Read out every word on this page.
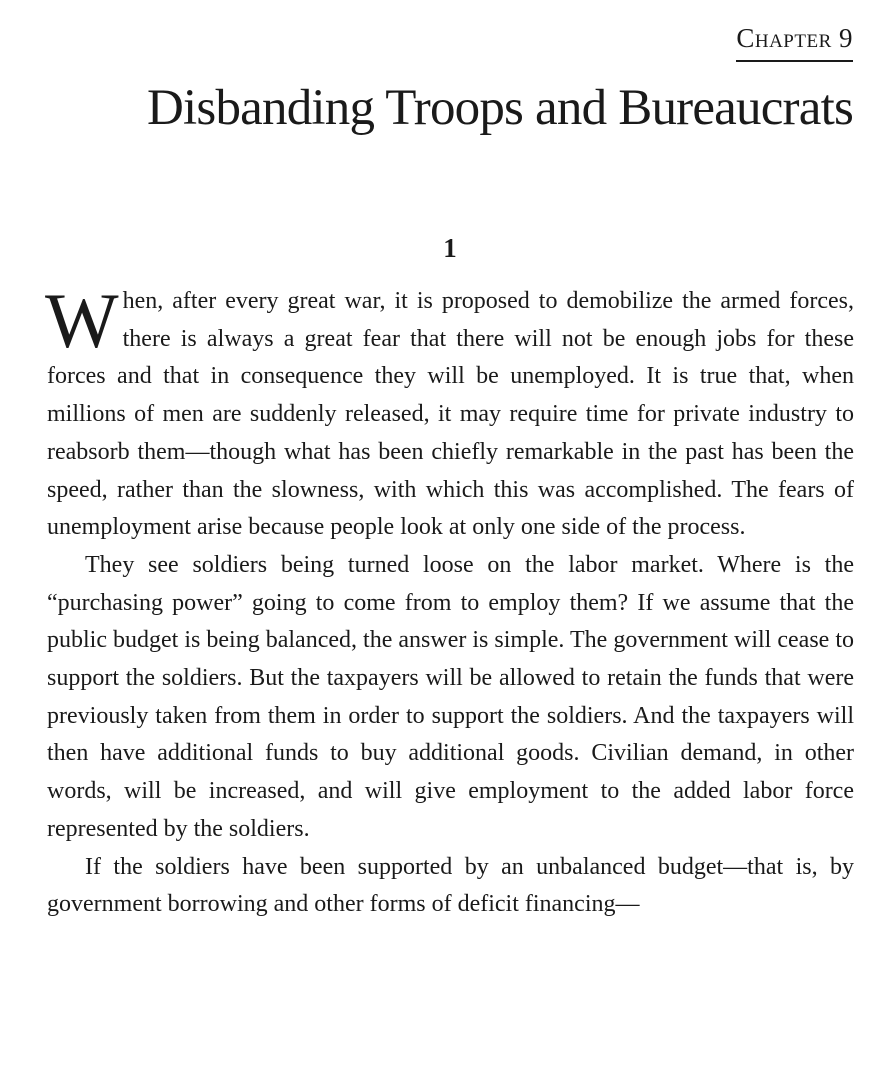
Chapter 9
Disbanding Troops and Bureaucrats
1

When, after every great war, it is proposed to demobilize the armed forces, there is always a great fear that there will not be enough jobs for these forces and that in consequence they will be unemployed. It is true that, when millions of men are suddenly released, it may require time for private industry to reabsorb them—though what has been chiefly remarkable in the past has been the speed, rather than the slowness, with which this was accomplished. The fears of unemployment arise because people look at only one side of the process.

They see soldiers being turned loose on the labor market. Where is the “purchasing power” going to come from to employ them? If we assume that the public budget is being balanced, the answer is simple. The government will cease to support the soldiers. But the taxpayers will be allowed to retain the funds that were previously taken from them in order to support the soldiers. And the taxpayers will then have additional funds to buy additional goods. Civilian demand, in other words, will be increased, and will give employment to the added labor force represented by the soldiers.

If the soldiers have been supported by an unbalanced budget—that is, by government borrowing and other forms of deficit financing—
